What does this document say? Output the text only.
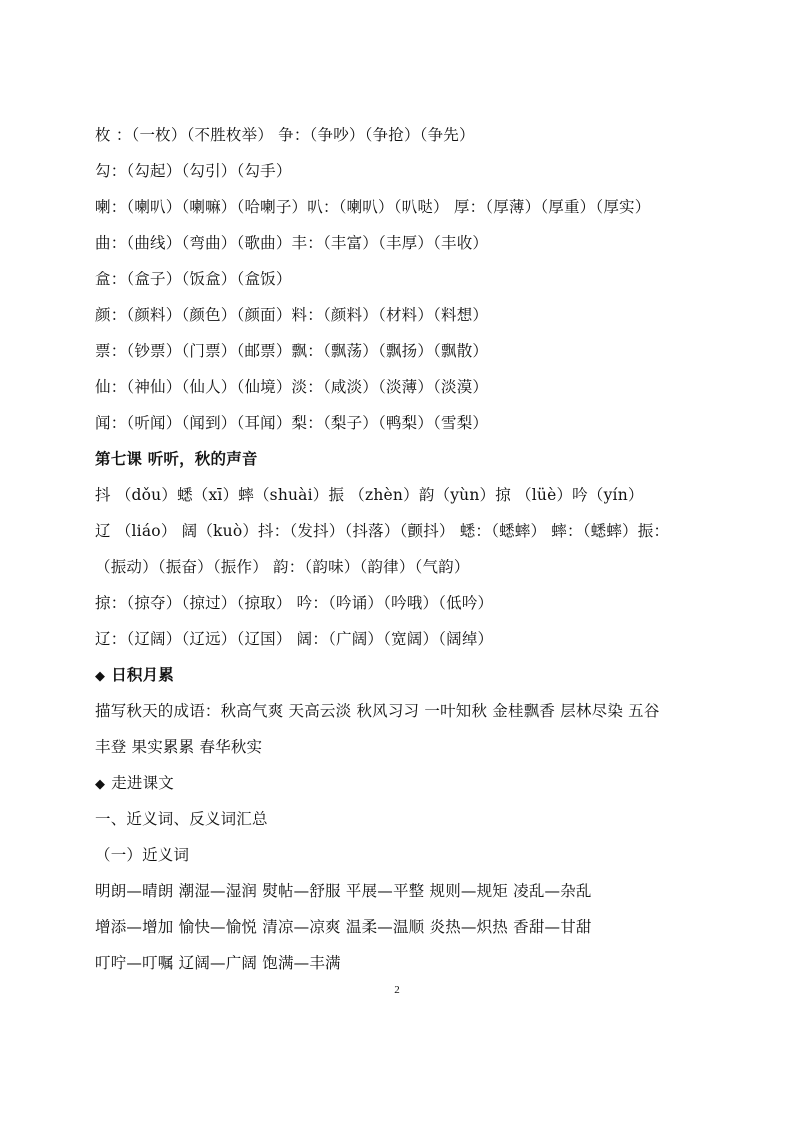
枚 ：（一枚）（不胜枚举） 争：（争吵）（争抢）（争先）
勾：（勾起）（勾引）（勾手）
喇：（喇叭）（喇嘛）（哈喇子）叭：（喇叭）（叭哒） 厚：（厚薄）（厚重）（厚实）
曲：（曲线）（弯曲）（歌曲）丰：（丰富）（丰厚）（丰收）
盒：（盒子）（饭盒）（盒饭）
颜：（颜料）（颜色）（颜面）料：（颜料）（材料）（料想）
票：（钞票）（门票）（邮票）飘：（飘荡）（飘扬）（飘散）
仙：（神仙）（仙人）（仙境）淡：（咸淡）（淡薄）（淡漠）
闻：（听闻）（闻到）（耳闻）梨：（梨子）（鸭梨）（雪梨）
第七课 听听，秋的声音
抖 （dǒu）蟋（xī）蟀（shuài）振 （zhèn）韵（yùn）掠 （lüè）吟（yín）
辽 （liáo） 阔（kuò）抖：（发抖）（抖落）（颤抖） 蟋：（蟋蟀） 蟀：（蟋蟀）振：
（振动）（振奋）（振作） 韵：（韵味）（韵律）（气韵）
掠：（掠夺）（掠过）（掠取） 吟：（吟诵）（吟哦）（低吟）
辽：（辽阔）（辽远）（辽国） 阔：（广阔）（宽阔）（阔绰）
◆ 日积月累
描写秋天的成语：秋高气爽 天高云淡 秋风习习 一叶知秋 金桂飘香 层林尽染 五谷
丰登 果实累累 春华秋实
◆ 走进课文
一、近义词、反义词汇总
（一）近义词
明朗—晴朗 潮湿—湿润 熨帖—舒服 平展—平整 规则—规矩 凌乱—杂乱
增添—增加 愉快—愉悦 清凉—凉爽 温柔—温顺 炎热—炽热 香甜—甘甜
叮咛—叮嘱 辽阔—广阔 饱满—丰满
2
